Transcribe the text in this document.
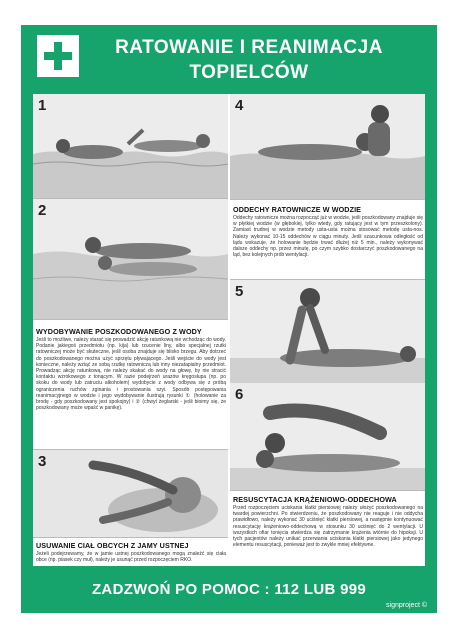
RATOWANIE I REANIMACJA
TOPIELCÓW
1
2
WYDOBYWANIE POSZKODOWANEGO Z WODY
Jeśli to możliwe, należy starać się prowadzić akcję ratunkową nie wchodząc do wody. Podanie jakiegoś przedmiotu (np. kija) lub rzucenie liny, albo specjalnej rzutki ratowniczej może być skuteczne, jeśli osoba znajduje się blisko brzegu. Aby dotrzeć do poszkodowanego można użyć sprzętu pływającego. Jeśli wejście do wody jest konieczne, należy wziąć ze sobą rzutkę ratowniczą lub inny niezatapialny przedmiot. Prowadząc akcję ratunkową, nie należy skakać do wody na głowę, by nie stracić kontaktu wzrokowego z tonącym. W razie podejrzeń urazów kręgosłupa (np. po skoku do wody lub zatruciu alkoholem) wydobycie z wody odbywa się z próbą ograniczenia ruchów zginania i prostowania szyi. Sposób postępowania reanimacyjnego w wodzie i jego wydobywanie ilustrują rysunki ① (holowanie za brodę - gdy poszkodowany jest spokojny) i ② (chwyt żeglarski - jeśli bioimy się, że poszkodowany może wpaść w panikę).
3
USUWANIE CIAŁ OBCYCH Z JAMY USTNEJ
Jeżeli podejrzewamy, że w jamie ustnej poszkodowanego mogą znaleźć się ciała obce (np. piasek czy muł), należy je usunąć przed rozpoczęciem RKO.
4
ODDECHY RATOWNICZE W WODZIE
Oddechy ratownicze można rozpocząć już w wodzie, jeśli poszkodowany znajduje się w płytkiej wodzie (w głębokiej, tylko wtedy, gdy ratujący jest w tym przeszkolony). Zamiast trudnej w wodzie metody usta-usta można stosować metodę usta-nos. Należy wykonać 10-15 oddechów w ciągu minuty. Jeśli szacunkowa odległość od lądu wskazuje, że holowanie będzie trwać dłużej niż 5 min., należy wykonywać dalsze oddechy np. przez minutę, po czym szybko dostarczyć poszkodowanego na ląd, bez kolejnych prób wentylacji.
5
6
RESUSCYTACJA KRĄŻENIOWO-ODDECHOWA
Przed rozpoczęciem uciskania klatki piersiowej należy ułożyć poszkodowanego na twardej powierzchni. Po stwierdzeniu, że poszkodowany nie reaguje i nie oddycha prawidłowo, należy wykonać 30 uciśnięć klatki piersiowej, a następnie kontynuować resuscytację krążeniowo-oddechową w stosunku 30 uciśnięć do 2 wentylacji. U wszystkich ofiar tonięcia stwierdza się zatrzymanie krążenia wtórnie do hipoksji. U tych pacjentów należy unikać przerwania uciskania klatki piersiowej jako jedynego elementu resuscytacji, ponieważ jest to zwykle mniej efektywne.
ZADZWOŃ PO POMOC : 112 LUB 999
signproject ©
